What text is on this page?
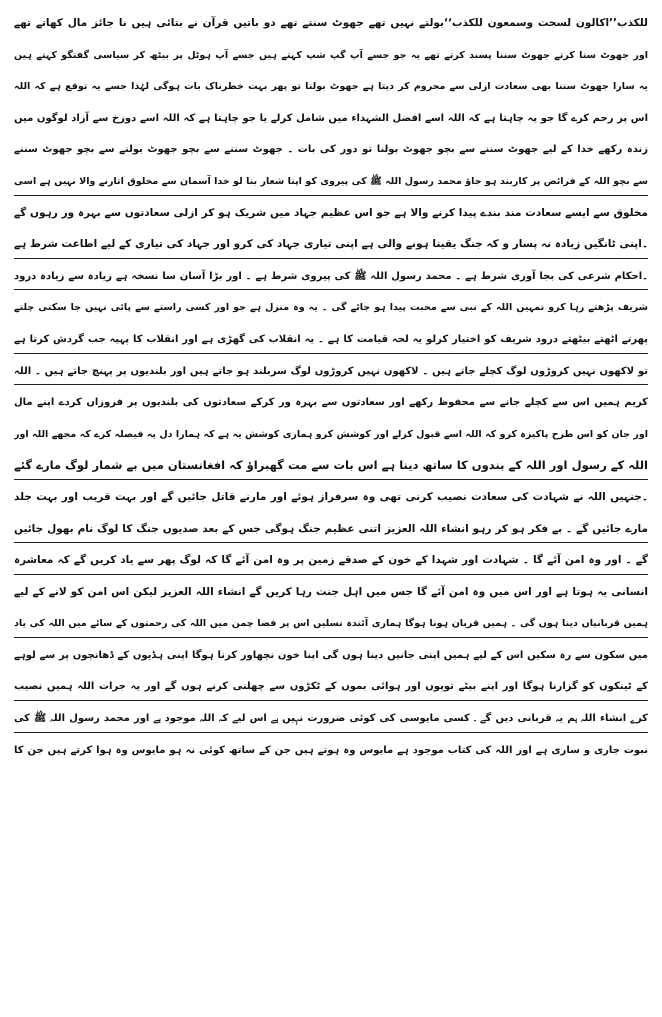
للکذب’’اکالون لسحت وسمعون للکذب‘‘بولتے نہیں تھے جھوٹ سنتے تھے دو باتیں قرآن نے بتائی ہیں نا جائز مال کھاتے تھے
اور جھوٹ سنا کرتے جھوٹ سننا پسند کرتے تھے یہ جو جسے آپ گپ شپ کہتے ہیں جسے آپ ہوٹل پر بیٹھ کر سیاسی گفتگو کہتے ہیں
یہ سارا جھوٹ سننا بھی سعادت ازلی سے محروم کر دیتا ہے جھوٹ بولنا تو پھر بہت خطرناک بات ہوگی لہٰذا جسے یہ توقع ہے کہ اللہ
اس پر رحم کرے گا جو یہ چاہتا ہے کہ اللہ اسے افضل الشہداء میں شامل کرلے یا جو چاہتا ہے کہ اللہ اسے دوزخ سے آزاد لوگوں میں
زندہ رکھے خدا کے لیے جھوٹ سننے سے بچو جھوٹ بولنا تو دور کی بات ۔ جھوٹ سننے سے بچو جھوٹ بولنے سے بچو جھوٹ سننے
سے بچو اللہ کے فرائض پر کاربند ہو جاؤ محمد رسول اللہ ﷺ کی پیروی کو اپنا شعار بنا لو خدا آسمان سے مخلوق اتارنے والا نہیں ہے اسی
مخلوق سے ایسے سعادت مند بندے پیدا کرنے والا ہے جو اس عظیم جہاد میں شریک ہو کر ازلی سعادتوں سے بہرہ ور رہوں گے
۔اپنی ٹانگیں زیادہ نہ پسار و کہ جنگ یقینا ہونے والی ہے اپنی تیاری جہاد کی کرو اور جہاد کی تیاری کے لیے اطاعت شرط ہے
۔احکام شرعی کی بجا آوری شرط ہے ۔ محمد رسول اللہ ﷺ کی پیروی شرط ہے ۔ اور بڑا آسان سا نسخہ ہے زیادہ سے زیادہ درود
شریف پڑھتے رہا کرو تمہیں اللہ کے نبی سے محبت پیدا ہو جائے گی ۔ یہ وہ منزل ہے جو اور کسی راستے سے پائی نہیں جا سکتی چلتے
پھرتے اٹھتے بیٹھتے درود شریف کو اختیار کرلو یہ لحہ قیامت کا ہے ۔ یہ انقلاب کی گھڑی ہے اور انقلاب کا پہیہ جب گردش کرتا ہے
تو لاکھوں نہیں کروڑوں لوگ کچلے جاتے ہیں ۔ لاکھوں نہیں کروڑوں لوگ سربلند ہو جاتے ہیں اور بلندیوں پر پہنچ جاتے ہیں ۔ اللہ
کریم ہمیں اس سے کچلے جانے سے محفوظ رکھے اور سعادتوں سے بہرہ ور کرکے سعادتوں کی بلندیوں پر فروزاں کردے اپنے مال
اور جان کو اس طرح پاکیزہ کرو کہ اللہ اسے قبول کرلے اور کوشش کرو ہماری کوشش یہ ہے کہ ہمارا دل یہ فیصلہ کرے کہ مجھے اللہ اور
اللہ کے رسول اور اللہ کے بندوں کا ساتھ دینا ہے اس بات سے مت گھبراؤ کہ افغانستان میں بے شمار لوگ مارے گئے
۔جنہیں اللہ نے شہادت کی سعادت نصیب کرنی تھی وہ سرفراز ہوئے اور مارنے قاتل جائیں گے اور بہت قریب اور بہت جلد
مارے جائیں گے ۔ بے فکر ہو کر رہو انشاء اللہ العزیز اتنی عظیم جنگ ہوگی جس کے بعد صدیوں جنگ کا لوگ نام بھول جائیں
گے ۔ اور وہ امن آئے گا ۔ شہادت اور شہدا کے خون کے صدقے زمین پر وہ امن آئے گا کہ لوگ پھر سے یاد کریں گے کہ معاشرہ
انسانی یہ ہوتا ہے اور اس میں وہ امن آئے گا جس میں اہل جنت رہا کریں گے انشاء اللہ العزیز لیکن اس امن کو لانے کے لیے
ہمیں قربانیاں دینا ہوں گی ۔ ہمیں قربان ہونا ہوگا ہماری آئندہ نسلیں اس پر فضا چمن میں اللہ کی رحمتوں کے سائے میں اللہ کی یاد
میں سکون سے رہ سکیں اس کے لیے ہمیں اپنی جانیں دینا ہوں گی اپنا خون نچھاور کرنا ہوگا اپنی ہڈیوں کے ڈھانچوں پر سے لوہے
کے ٹینکوں کو گزارنا ہوگا اور اپنے بیٹے توپوں اور ہوائی بموں کے ٹکڑوں سے چھلنی کرنے ہوں گے اور یہ جرات اللہ ہمیں نصیب
کرے انشاء اللہ ہم یہ قربانی دیں گے ۔ کسی مایوسی کی کوئی ضرورت نہیں ہے اس لیے کہ اللہ موجود ہے اور محمد رسول اللہ ﷺ کی
نبوت جاری و ساری ہے اور اللہ کی کتاب موجود ہے مایوس وہ ہوتے ہیں جن کے ساتھ کوئی نہ ہو مایوس وہ ہوا کرتے ہیں جن کا
